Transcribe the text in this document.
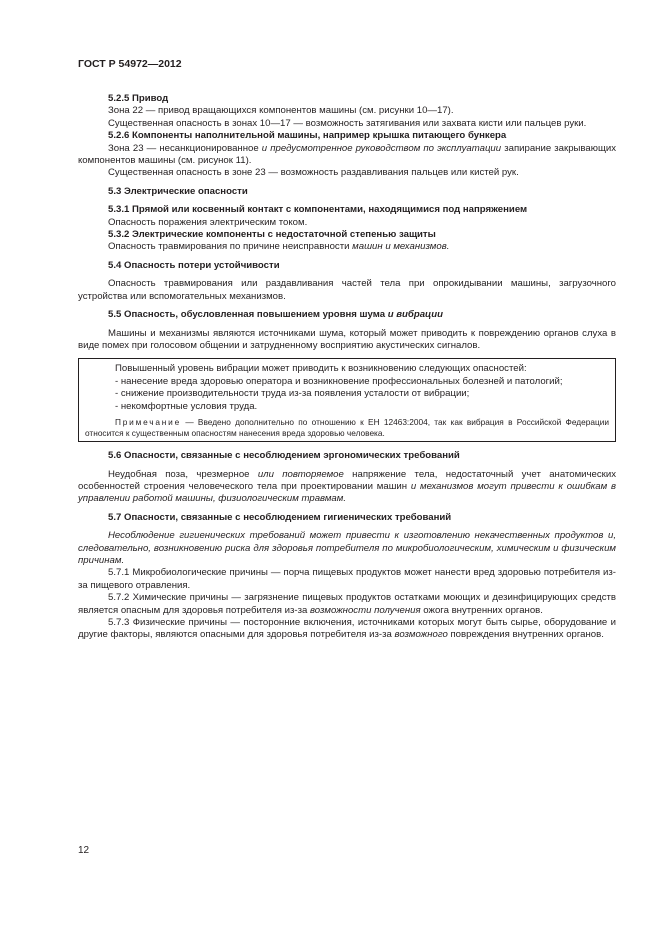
ГОСТ Р 54972—2012

5.2.5 Привод

Зона 22 — привод вращающихся компонентов машины (см. рисунки 10—17).

Существенная опасность в зонах 10—17 — возможность затягивания или захвата кисти или пальцев руки.

5.2.6 Компоненты наполнительной машины, например крышка питающего бункера

Зона 23 — несанкционированное и предусмотренное руководством по эксплуатации запирание закрывающих компонентов машины (см. рисунок 11).

Существенная опасность в зоне 23 — возможность раздавливания пальцев или кистей рук.

5.3 Электрические опасности

5.3.1 Прямой или косвенный контакт с компонентами, находящимися под напряжением

Опасность поражения электрическим током.

5.3.2 Электрические компоненты с недостаточной степенью защиты

Опасность травмирования по причине неисправности машин и механизмов.

5.4 Опасность потери устойчивости

Опасность травмирования или раздавливания частей тела при опрокидывании машины, загрузочного устройства или вспомогательных механизмов.

5.5 Опасность, обусловленная повышением уровня шума и вибрации

Машины и механизмы являются источниками шума, который может приводить к повреждению органов слуха в виде помех при голосовом общении и затрудненному восприятию акустических сигналов.

Повышенный уровень вибрации может приводить к возникновению следующих опасностей:

- нанесение вреда здоровью оператора и возникновение профессиональных болезней и патологий;

- снижение производительности труда из-за появления усталости от вибрации;

- некомфортные условия труда.

Примечание — Введено дополнительно по отношению к ЕН 12463:2004, так как вибрация в Российской Федерации относится к существенным опасностям нанесения вреда здоровью человека.

5.6 Опасности, связанные с несоблюдением эргономических требований

Неудобная поза, чрезмерное или повторяемое напряжение тела, недостаточный учет анатомических особенностей строения человеческого тела при проектировании машин и механизмов могут привести к ошибкам в управлении работой машины, физиологическим травмам.

5.7 Опасности, связанные с несоблюдением гигиенических требований

Несоблюдение гигиенических требований может привести к изготовлению некачественных продуктов и, следовательно, возникновению риска для здоровья потребителя по микробиологическим, химическим и физическим причинам.

5.7.1 Микробиологические причины — порча пищевых продуктов может нанести вред здоровью потребителя из-за пищевого отравления.

5.7.2 Химические причины — загрязнение пищевых продуктов остатками моющих и дезинфицирующих средств является опасным для здоровья потребителя из-за возможности получения ожога внутренних органов.

5.7.3 Физические причины — посторонние включения, источниками которых могут быть сырье, оборудование и другие факторы, являются опасными для здоровья потребителя из-за возможного повреждения внутренних органов.

12
